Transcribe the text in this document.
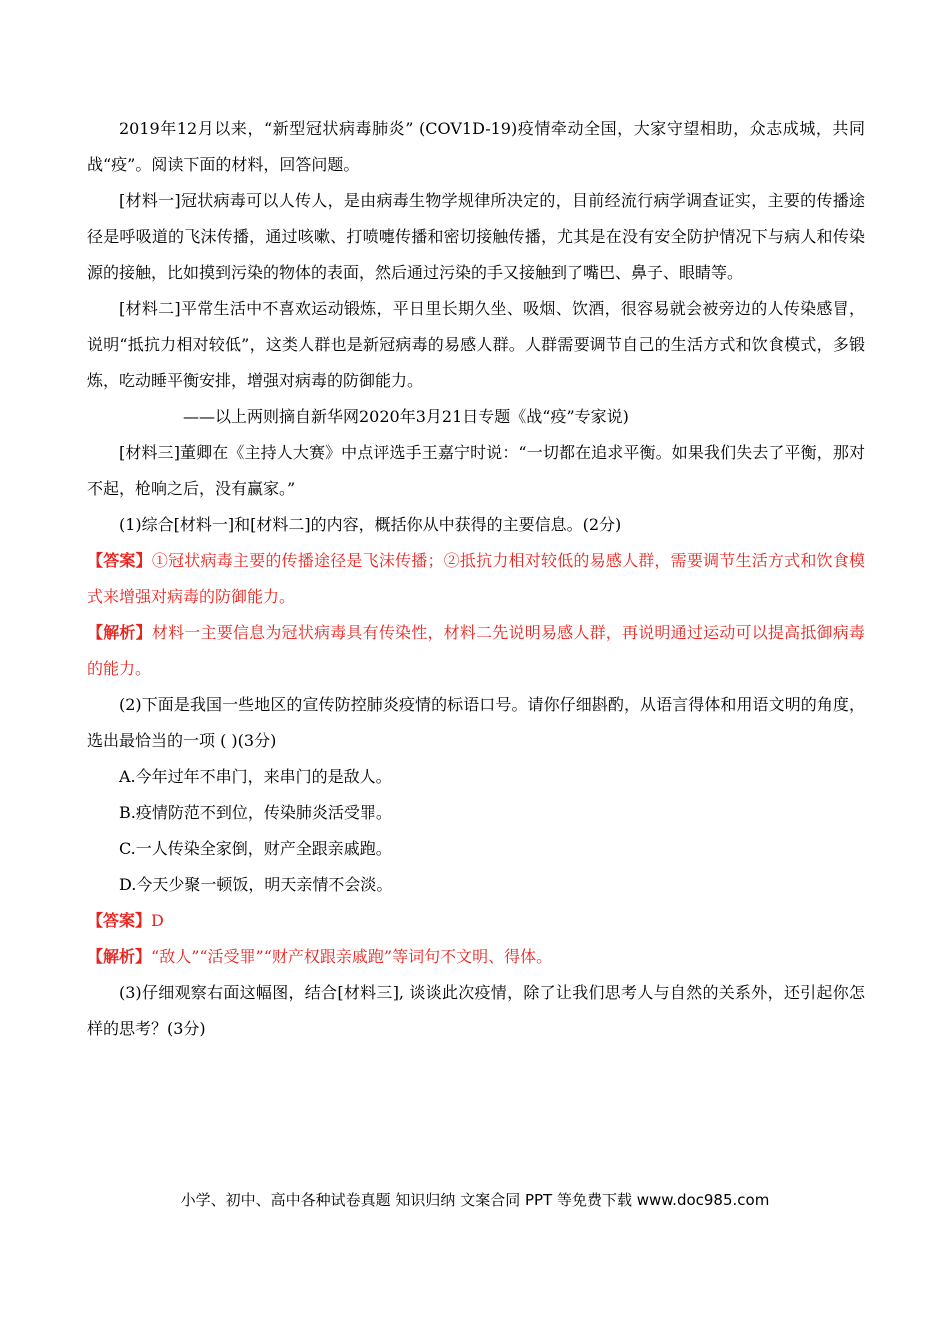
2019年12月以来，“新型冠状病毒肺炎” (COV1D-19)疫情牵动全国，大家守望相助，众志成城，共同战“疫”。阅读下面的材料，回答问题。

[材料一]冠状病毒可以人传人，是由病毒生物学规律所决定的，目前经流行病学调查证实，主要的传播途径是呼吸道的飞沫传播，通过咳嗽、打喷嚏传播和密切接触传播，尤其是在没有安全防护情况下与病人和传染源的接触，比如摸到污染的物体的表面，然后通过污染的手又接触到了嘴巴、鼻子、眼睛等。

[材料二]平常生活中不喜欢运动锻炼，平日里长期久坐、吸烟、饮酒，很容易就会被旁边的人传染感冒，说明“抵抗力相对较低”，这类人群也是新冠病毒的易感人群。人群需要调节自己的生活方式和饮食模式，多锻炼，吃动睡平衡安排，增强对病毒的防御能力。

——以上两则摘自新华网2020年3月21日专题《战“疫”专家说)

[材料三]董卿在《主持人大赛》中点评选手王嘉宁时说：“一切都在追求平衡。如果我们失去了平衡，那对不起，枪响之后，没有赢家。”

(1)综合[材料一]和[材料二]的内容，概括你从中获得的主要信息。(2分)

【答案】①冠状病毒主要的传播途径是飞沫传播；②抵抗力相对较低的易感人群，需要调节生活方式和饮食模式来增强对病毒的防御能力。

【解析】材料一主要信息为冠状病毒具有传染性，材料二先说明易感人群，再说明通过运动可以提高抵御病毒的能力。

(2)下面是我国一些地区的宣传防控肺炎疫情的标语口号。请你仔细斟酌，从语言得体和用语文明的角度，选出最恰当的一项 ( )(3分)

A.今年过年不串门，来串门的是敌人。

B.疫情防范不到位，传染肺炎活受罪。

C.一人传染全家倒，财产全跟亲戚跑。

D.今天少聚一顿饭，明天亲情不会淡。

【答案】D

【解析】“敌人”“活受罪”“财产权跟亲戚跑”等词句不文明、得体。

(3)仔细观察右面这幅图，结合[材料三], 谈谈此次疫情，除了让我们思考人与自然的关系外，还引起你怎样的思考？(3分)

小学、初中、高中各种试卷真题 知识归纳 文案合同 PPT 等免费下载 www.doc985.com
